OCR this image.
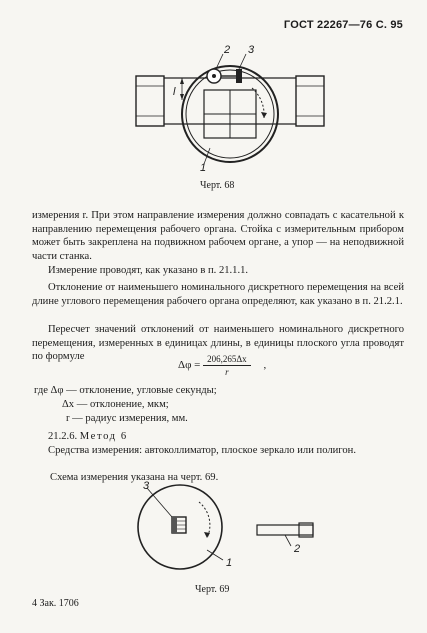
ГОСТ 22267—76 С. 95
2 3
1
l
Черт. 68
измерения r. При этом направление измерения должно совпадать с касательной к направлению перемещения рабочего органа. Стойка с измерительным прибором может быть закреплена на подвижном рабочем органе, а упор — на неподвижной части станка.
Измерение проводят, как указано в п. 21.1.1.
Отклонение от наименьшего номинального дискретного перемещения на всей длине углового перемещения рабочего органа определяют, как указано в п. 21.2.1.
Пересчет значений отклонений от наименьшего номинального дискретного перемещения, измеренных в единицах длины, в единицы плоского угла проводят по формуле
$\Delta\varphi = \frac{206,265\Delta x}{r}$ ,
где Δφ — отклонение, угловые секунды;
Δx — отклонение, мкм;
r — радиус измерения, мм.
21.2.6. Метод 6
Средства измерения: автоколлиматор, плоское зеркало или полигон.
Схема измерения указана на черт. 69.
3
1
2
Черт. 69
4 Зак. 1706
